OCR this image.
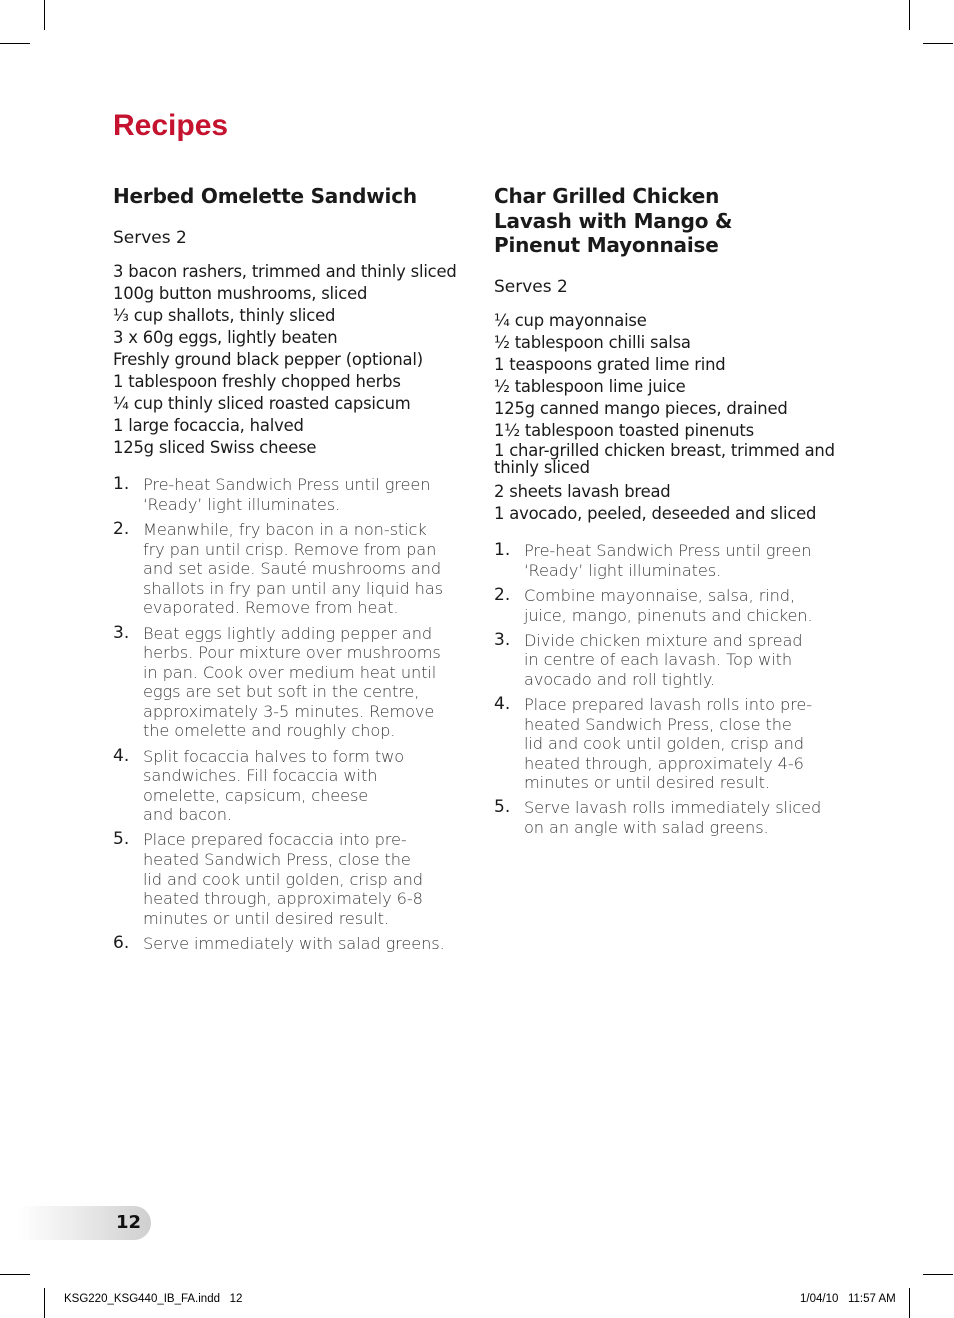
Recipes
Herbed Omelette Sandwich

Serves 2

3 bacon rashers, trimmed and thinly sliced
100g button mushrooms, sliced
⅓ cup shallots, thinly sliced
3 x 60g eggs, lightly beaten
Freshly ground black pepper (optional)
1 tablespoon freshly chopped herbs
¼ cup thinly sliced roasted capsicum
1 large focaccia, halved
125g sliced Swiss cheese
1. Pre-heat Sandwich Press until green
‘Ready’ light illuminates.
2. Meanwhile, fry bacon in a non-stick
fry pan until crisp. Remove from pan
and set aside. Sauté mushrooms and
shallots in fry pan until any liquid has
evaporated. Remove from heat.
3. Beat eggs lightly adding pepper and
herbs. Pour mixture over mushrooms
in pan. Cook over medium heat until
eggs are set but soft in the centre,
approximately 3-5 minutes. Remove
the omelette and roughly chop.
4. Split focaccia halves to form two
sandwiches. Fill focaccia with
omelette, capsicum, cheese
and bacon.
5. Place prepared focaccia into pre-
heated Sandwich Press, close the
lid and cook until golden, crisp and
heated through, approximately 6-8
minutes or until desired result.
6. Serve immediately with salad greens.
Char Grilled Chicken
Lavash with Mango &
Pinenut Mayonnaise

Serves 2

¼ cup mayonnaise
½ tablespoon chilli salsa
1 teaspoons grated lime rind
½ tablespoon lime juice
125g canned mango pieces, drained
1½ tablespoon toasted pinenuts
1 char-grilled chicken breast, trimmed and thinly sliced
2 sheets lavash bread
1 avocado, peeled, deseeded and sliced
1. Pre-heat Sandwich Press until green
‘Ready’ light illuminates.
2. Combine mayonnaise, salsa, rind,
juice, mango, pinenuts and chicken.
3. Divide chicken mixture and spread
in centre of each lavash. Top with
avocado and roll tightly.
4. Place prepared lavash rolls into pre-
heated Sandwich Press, close the
lid and cook until golden, crisp and
heated through, approximately 4-6
minutes or until desired result.
5. Serve lavash rolls immediately sliced
on an angle with salad greens.
12
KSG220_KSG440_IB_FA.indd   12	1/04/10   11:57 AM
